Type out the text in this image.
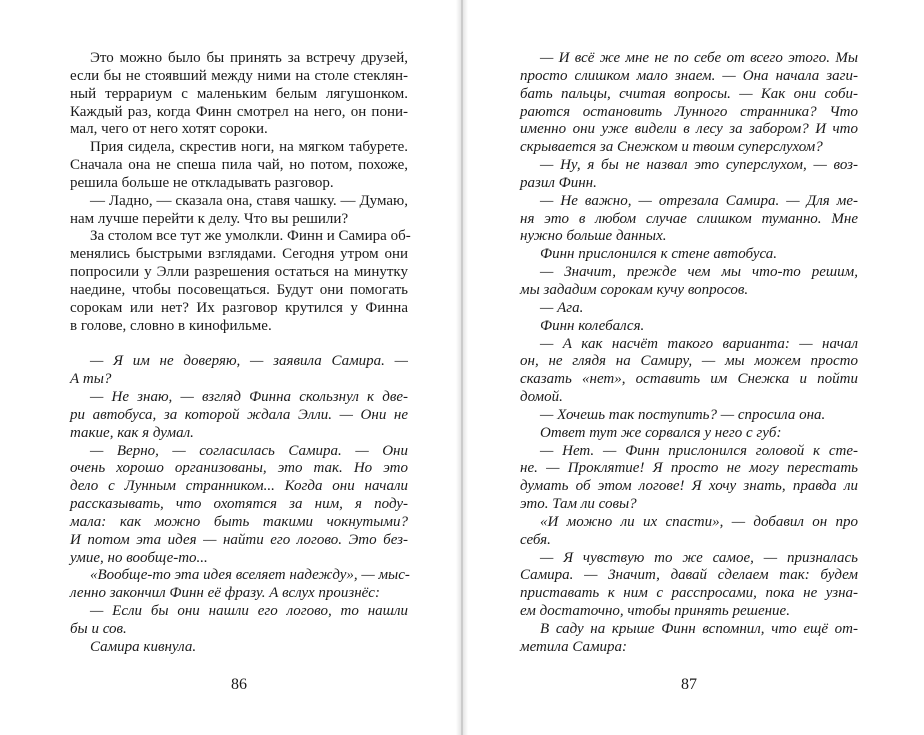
Это можно было бы принять за встречу друзей,
если бы не стоявший между ними на столе стеклян-
ный террариум с маленьким белым лягушонком.
Каждый раз, когда Финн смотрел на него, он пони-
мал, чего от него хотят сороки.
Прия сидела, скрестив ноги, на мягком табурете.
Сначала она не спеша пила чай, но потом, похоже,
решила больше не откладывать разговор.
— Ладно, — сказала она, ставя чашку. — Думаю,
нам лучше перейти к делу. Что вы решили?
За столом все тут же умолкли. Финн и Самира об-
менялись быстрыми взглядами. Сегодня утром они
попросили у Элли разрешения остаться на минутку
наедине, чтобы посовещаться. Будут они помогать
сорокам или нет? Их разговор крутился у Финна
в голове, словно в кинофильме.
— Я им не доверяю, — заявила Самира. —
А ты?
— Не знаю, — взгляд Финна скользнул к две-
ри автобуса, за которой ждала Элли. — Они не
такие, как я думал.
— Верно, — согласилась Самира. — Они
очень хорошо организованы, это так. Но это
дело с Лунным странником... Когда они начали
рассказывать, что охотятся за ним, я поду-
мала: как можно быть такими чокнутыми?
И потом эта идея — найти его логово. Это без-
умие, но вообще-то...
«Вообще-то эта идея вселяет надежду», — мыс-
ленно закончил Финн её фразу. А вслух произнёс:
— Если бы они нашли его логово, то нашли
бы и сов.
Самира кивнула.
— И всё же мне не по себе от всего этого. Мы
просто слишком мало знаем. — Она начала заги-
бать пальцы, считая вопросы. — Как они соби-
раются остановить Лунного странника? Что
именно они уже видели в лесу за забором? И что
скрывается за Снежком и твоим суперслухом?
— Ну, я бы не назвал это суперслухом, — воз-
разил Финн.
— Не важно, — отрезала Самира. — Для ме-
ня это в любом случае слишком туманно. Мне
нужно больше данных.
Финн прислонился к стене автобуса.
— Значит, прежде чем мы что-то решим,
мы зададим сорокам кучу вопросов.
— Ага.
Финн колебался.
— А как насчёт такого варианта: — начал
он, не глядя на Самиру, — мы можем просто
сказать «нет», оставить им Снежка и пойти
домой.
— Хочешь так поступить? — спросила она.
Ответ тут же сорвался у него с губ:
— Нет. — Финн прислонился головой к сте-
не. — Проклятие! Я просто не могу перестать
думать об этом логове! Я хочу знать, правда ли
это. Там ли совы?
«И можно ли их спасти», — добавил он про
себя.
— Я чувствую то же самое, — призналась
Самира. — Значит, давай сделаем так: будем
приставать к ним с расспросами, пока не узна-
ем достаточно, чтобы принять решение.
В саду на крыше Финн вспомнил, что ещё от-
метила Самира:
86	87
